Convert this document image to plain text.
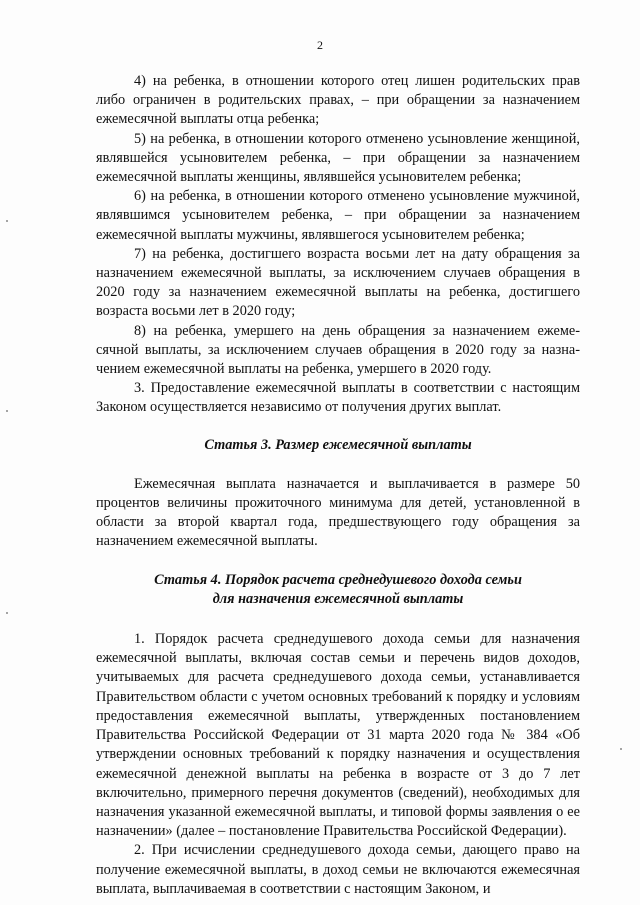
2

4) на ребенка, в отношении которого отец лишен родительских прав либо ограничен в родительских правах, – при обращении за назначением ежемесячной выплаты отца ребенка;

5) на ребенка, в отношении которого отменено усыновление женщиной, являвшейся усыновителем ребенка, – при обращении за назначением ежемесячной выплаты женщины, являвшейся усыновителем ребенка;

6) на ребенка, в отношении которого отменено усыновление мужчиной, являвшимся усыновителем ребенка, – при обращении за назначением ежемесячной выплаты мужчины, являвшегося усыновителем ребенка;

7) на ребенка, достигшего возраста восьми лет на дату обращения за назначением ежемесячной выплаты, за исключением случаев обращения в 2020 году за назначением ежемесячной выплаты на ребенка, достигшего возраста восьми лет в 2020 году;

8) на ребенка, умершего на день обращения за назначением ежемесячной выплаты, за исключением случаев обращения в 2020 году за назначением ежемесячной выплаты на ребенка, умершего в 2020 году.

3. Предоставление ежемесячной выплаты в соответствии с настоящим Законом осуществляется независимо от получения других выплат.

Статья 3. Размер ежемесячной выплаты

Ежемесячная выплата назначается и выплачивается в размере 50 процентов величины прожиточного минимума для детей, установленной в области за второй квартал года, предшествующего году обращения за назначением ежемесячной выплаты.

Статья 4. Порядок расчета среднедушевого дохода семьи

для назначения ежемесячной выплаты

1. Порядок расчета среднедушевого дохода семьи для назначения ежемесячной выплаты, включая состав семьи и перечень видов доходов, учитываемых для расчета среднедушевого дохода семьи, устанавливается Правительством области с учетом основных требований к порядку и условиям предоставления ежемесячной выплаты, утвержденных постановлением Правительства Российской Федерации от 31 марта 2020 года № 384 «Об утверждении основных требований к порядку назначения и осуществления ежемесячной денежной выплаты на ребенка в возрасте от 3 до 7 лет включительно, примерного перечня документов (сведений), необходимых для назначения указанной ежемесячной выплаты, и типовой формы заявления о ее назначении» (далее – постановление Правительства Российской Федерации).

2. При исчислении среднедушевого дохода семьи, дающего право на получение ежемесячной выплаты, в доход семьи не включаются ежемесячная выплата, выплачиваемая в соответствии с настоящим Законом, и
